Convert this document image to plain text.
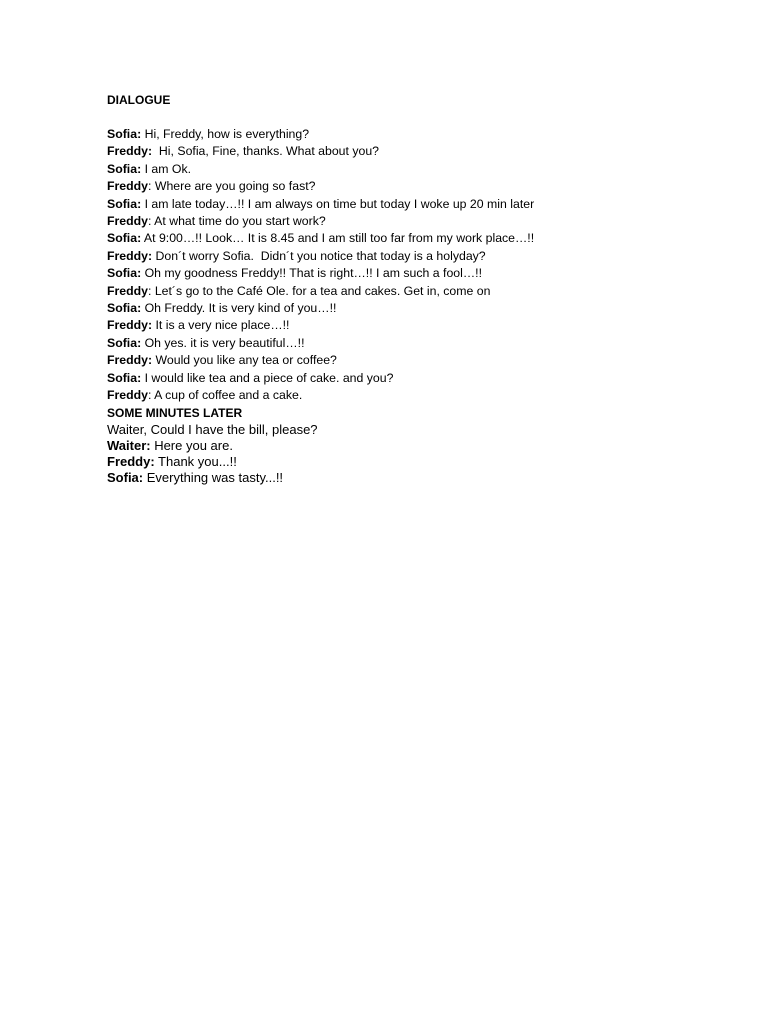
DIALOGUE

Sofia: Hi, Freddy, how is everything?

Freddy:  Hi, Sofia, Fine, thanks. What about you?

Sofia: I am Ok.

Freddy: Where are you going so fast?

Sofia: I am late today…!! I am always on time but today I woke up 20 min later

Freddy: At what time do you start work?

Sofia: At 9:00…!! Look… It is 8.45 and I am still too far from my work place…!!

Freddy: Don´t worry Sofia.  Didn´t you notice that today is a holyday?

Sofia: Oh my goodness Freddy!! That is right…!! I am such a fool…!!

Freddy: Let´s go to the Café Ole. for a tea and cakes. Get in, come on

Sofia: Oh Freddy. It is very kind of you…!!

Freddy: It is a very nice place…!!

Sofia: Oh yes. it is very beautiful…!!

Freddy: Would you like any tea or coffee?

Sofia: I would like tea and a piece of cake. and you?

Freddy: A cup of coffee and a cake.

SOME MINUTES LATER

Waiter, Could I have the bill, please?

Waiter: Here you are.

Freddy: Thank you...!!

Sofia: Everything was tasty...!!
